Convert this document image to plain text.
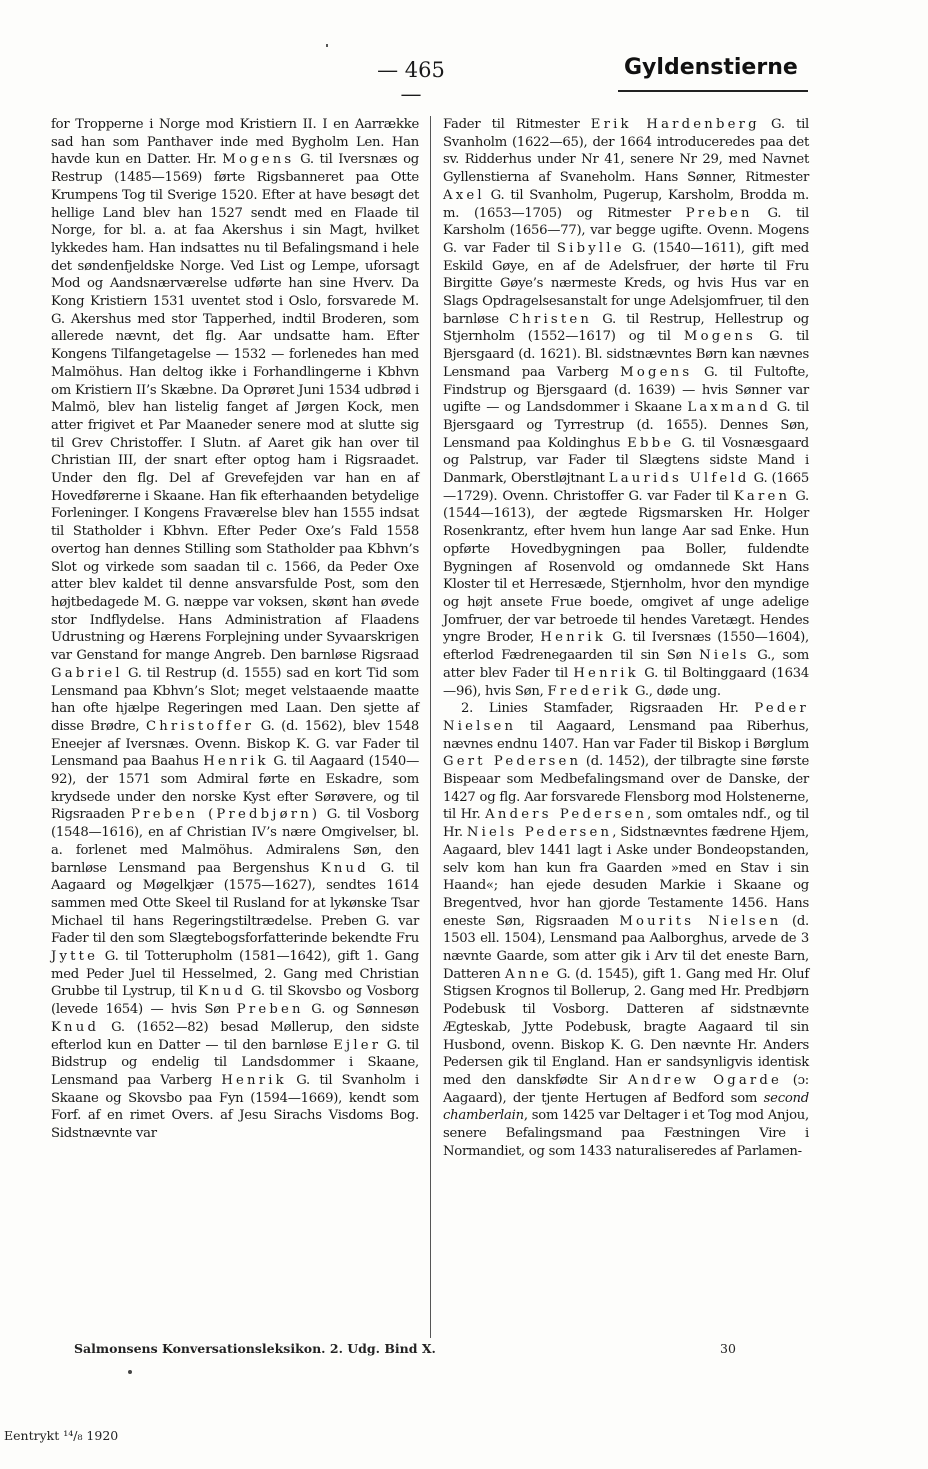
— 465 —
Gyldenstierne

for Tropperne i Norge mod Kristiern II. I en Aarrække sad han som Panthaver inde med Bygholm Len. Han havde kun en Datter. Hr. Mogens G. til Iversnæs og Restrup (1485—1569) førte Rigsbanneret paa Otte Krumpens Tog til Sverige 1520. Efter at have besøgt det hellige Land blev han 1527 sendt med en Flaade til Norge, for bl. a. at faa Akershus i sin Magt, hvilket lykkedes ham. Han indsattes nu til Befalingsmand i hele det søndenfjeldske Norge. Ved List og Lempe, uforsagt Mod og Aandsnærværelse udførte han sine Hverv. Da Kong Kristiern 1531 uventet stod i Oslo, forsvarede M. G. Akershus med stor Tapperhed, indtil Broderen, som allerede nævnt, det flg. Aar undsatte ham. Efter Kongens Tilfangetagelse — 1532 — forlenedes han med Malmöhus. Han deltog ikke i Forhandlingerne i Kbhvn om Kristiern II’s Skæbne. Da Oprøret Juni 1534 udbrød i Malmö, blev han listelig fanget af Jørgen Kock, men atter frigivet et Par Maaneder senere mod at slutte sig til Grev Christoffer. I Slutn. af Aaret gik han over til Christian III, der snart efter optog ham i Rigsraadet. Under den flg. Del af Grevefejden var han en af Hovedførerne i Skaane. Han fik efterhaanden betydelige Forleninger. I Kongens Fraværelse blev han 1555 indsat til Statholder i Kbhvn. Efter Peder Oxe’s Fald 1558 overtog han dennes Stilling som Statholder paa Kbhvn’s Slot og virkede som saadan til c. 1566, da Peder Oxe atter blev kaldet til denne ansvarsfulde Post, som den højtbedagede M. G. næppe var voksen, skønt han øvede stor Indflydelse. Hans Administration af Flaadens Udrustning og Hærens Forplejning under Syvaarskrigen var Genstand for mange Angreb. Den barnløse Rigsraad Gabriel G. til Restrup (d. 1555) sad en kort Tid som Lensmand paa Kbhvn’s Slot; meget velstaaende maatte han ofte hjælpe Regeringen med Laan. Den sjette af disse Brødre, Christoffer G. (d. 1562), blev 1548 Eneejer af Iversnæs. Ovenn. Biskop K. G. var Fader til Lensmand paa Baahus Henrik G. til Aagaard (1540—92), der 1571 som Admiral førte en Eskadre, som krydsede under den norske Kyst efter Sørøvere, og til Rigsraaden Preben (Predbjørn) G. til Vosborg (1548—1616), en af Christian IV’s nære Omgivelser, bl. a. forlenet med Malmöhus. Admiralens Søn, den barnløse Lensmand paa Bergenshus Knud G. til Aagaard og Møgelkjær (1575—1627), sendtes 1614 sammen med Otte Skeel til Rusland for at lykønske Tsar Michael til hans Regeringstiltrædelse. Preben G. var Fader til den som Slægtebogsforfatterinde bekendte Fru Jytte G. til Totterupholm (1581—1642), gift 1. Gang med Peder Juel til Hesselmed, 2. Gang med Christian Grubbe til Lystrup, til Knud G. til Skovsbo og Vosborg (levede 1654) — hvis Søn Preben G. og Sønnesøn Knud G. (1652—82) besad Møllerup, den sidste efterlod kun en Datter — til den barnløse Ejler G. til Bidstrup og endelig til Landsdommer i Skaane, Lensmand paa Varberg Henrik G. til Svanholm i Skaane og Skovsbo paa Fyn (1594—1669), kendt som Forf. af en rimet Overs. af Jesu Sirachs Visdoms Bog. Sidstnævnte var

Fader til Ritmester Erik Hardenberg G. til Svanholm (1622—65), der 1664 introduceredes paa det sv. Ridderhus under Nr 41, senere Nr 29, med Navnet Gyllenstierna af Svaneholm. Hans Sønner, Ritmester Axel G. til Svanholm, Pugerup, Karsholm, Brodda m. m. (1653—1705) og Ritmester Preben G. til Karsholm (1656—77), var begge ugifte. Ovenn. Mogens G. var Fader til Sibylle G. (1540—1611), gift med Eskild Gøye, en af de Adelsfruer, der hørte til Fru Birgitte Gøye’s nærmeste Kreds, og hvis Hus var en Slags Opdragelsesanstalt for unge Adelsjomfruer, til den barnløse Christen G. til Restrup, Hellestrup og Stjernholm (1552—1617) og til Mogens G. til Bjersgaard (d. 1621). Bl. sidstnævntes Børn kan nævnes Lensmand paa Varberg Mogens G. til Fultofte, Findstrup og Bjersgaard (d. 1639) — hvis Sønner var ugifte — og Landsdommer i Skaane Laxmand G. til Bjersgaard og Tyrrestrup (d. 1655). Dennes Søn, Lensmand paa Koldinghus Ebbe G. til Vosnæsgaard og Palstrup, var Fader til Slægtens sidste Mand i Danmark, Oberstløjtnant Laurids Ulfeld G. (1665—1729). Ovenn. Christoffer G. var Fader til Karen G. (1544—1613), der ægtede Rigsmarsken Hr. Holger Rosenkrantz, efter hvem hun lange Aar sad Enke. Hun opførte Hovedbygningen paa Boller, fuldendte Bygningen af Rosenvold og omdannede Skt Hans Kloster til et Herresæde, Stjernholm, hvor den myndige og højt ansete Frue boede, omgivet af unge adelige Jomfruer, der var betroede til hendes Varetægt. Hendes yngre Broder, Henrik G. til Iversnæs (1550—1604), efterlod Fædrenegaarden til sin Søn Niels G., som atter blev Fader til Henrik G. til Boltinggaard (1634—96), hvis Søn, Frederik G., døde ung.

2. Linies Stamfader, Rigsraaden Hr. Peder Nielsen til Aagaard, Lensmand paa Riberhus, nævnes endnu 1407. Han var Fader til Biskop i Børglum Gert Pedersen (d. 1452), der tilbragte sine første Bispeaar som Medbefalingsmand over de Danske, der 1427 og flg. Aar forsvarede Flensborg mod Holstenerne, til Hr. Anders Pedersen, som omtales ndf., og til Hr. Niels Pedersen, Sidstnævntes fædrene Hjem, Aagaard, blev 1441 lagt i Aske under Bondeopstanden, selv kom han kun fra Gaarden »med en Stav i sin Haand«; han ejede desuden Markie i Skaane og Bregentved, hvor han gjorde Testamente 1456. Hans eneste Søn, Rigsraaden Mourits Nielsen (d. 1503 ell. 1504), Lensmand paa Aalborghus, arvede de 3 nævnte Gaarde, som atter gik i Arv til det eneste Barn, Datteren Anne G. (d. 1545), gift 1. Gang med Hr. Oluf Stigsen Krognos til Bollerup, 2. Gang med Hr. Predbjørn Podebusk til Vosborg. Datteren af sidstnævnte Ægteskab, Jytte Podebusk, bragte Aagaard til sin Husbond, ovenn. Biskop K. G. Den nævnte Hr. Anders Pedersen gik til England. Han er sandsynligvis identisk med den danskfødte Sir Andrew Ogarde (ɔ: Aagaard), der tjente Hertugen af Bedford som second chamberlain, som 1425 var Deltager i et Tog mod Anjou, senere Befalingsmand paa Fæstningen Vire i Normandiet, og som 1433 naturaliseredes af Parlamen-

Salmonsens Konversationsleksikon. 2. Udg. Bind X.	30
Eentrykt ¹⁴/₈ 1920
